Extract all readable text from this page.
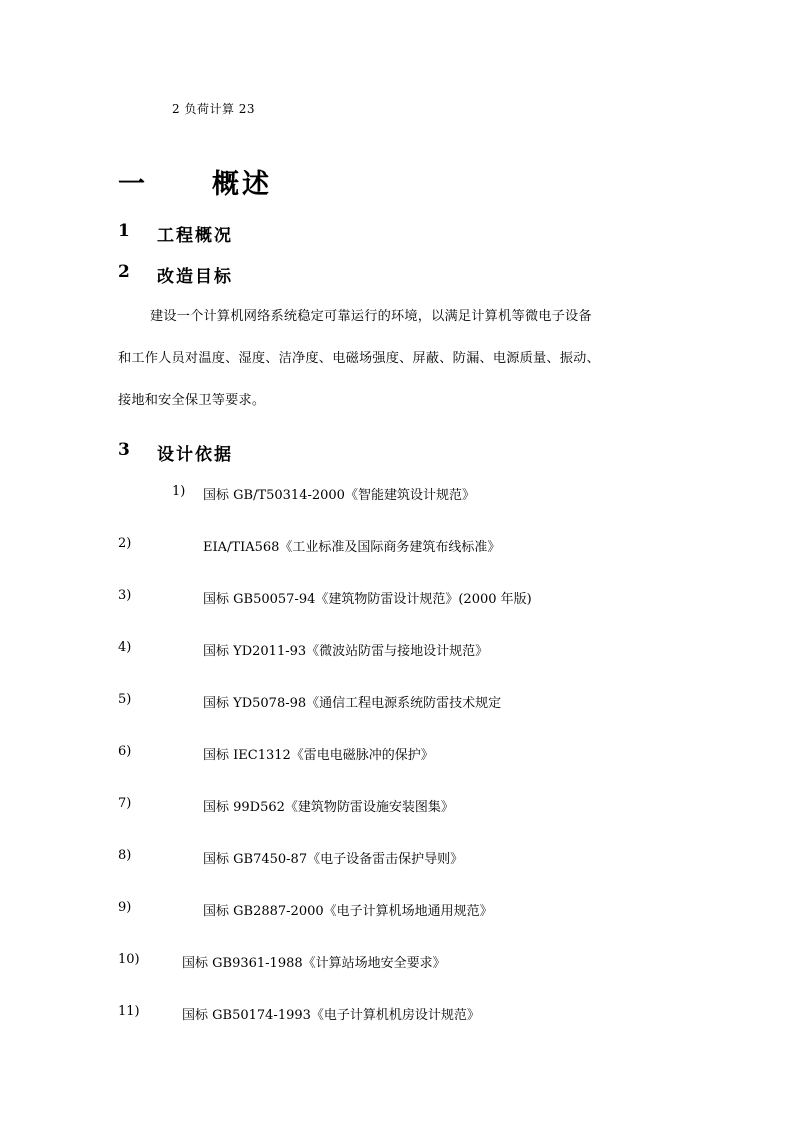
2 负荷计算 23
一 概述
1 工程概况
2 改造目标
建设一个计算机网络系统稳定可靠运行的环境，以满足计算机等微电子设备
和工作人员对温度、湿度、洁净度、电磁场强度、屏蔽、防漏、电源质量、振动、
接地和安全保卫等要求。
3 设计依据
1) 国标 GB/T50314-2000《智能建筑设计规范》
2)	EIA/TIA568《工业标准及国际商务建筑布线标准》
3)	国标 GB50057-94《建筑物防雷设计规范》(2000 年版)
4)	国标 YD2011-93《微波站防雷与接地设计规范》
5)	国标 YD5078-98《通信工程电源系统防雷技术规定
6)	国标 IEC1312《雷电电磁脉冲的保护》
7)	国标 99D562《建筑物防雷设施安装图集》
8)	国标 GB7450-87《电子设备雷击保护导则》
9)	国标 GB2887-2000《电子计算机场地通用规范》
10)	国标 GB9361-1988《计算站场地安全要求》
11)	国标 GB50174-1993《电子计算机机房设计规范》
